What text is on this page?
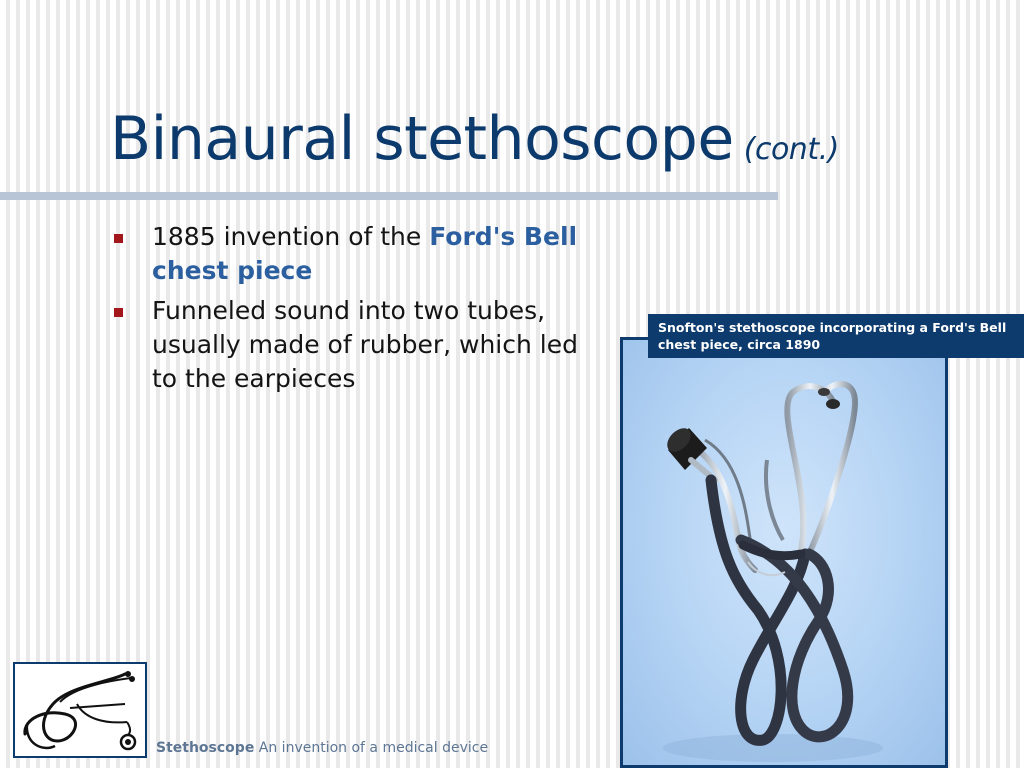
Binaural stethoscope (cont.)
1885 invention of the Ford's Bell chest piece
Funneled sound into two tubes, usually made of rubber, which led to the earpieces
Snofton's stethoscope incorporating a Ford's Bell chest piece, circa 1890
Stethoscope An invention of a medical device
